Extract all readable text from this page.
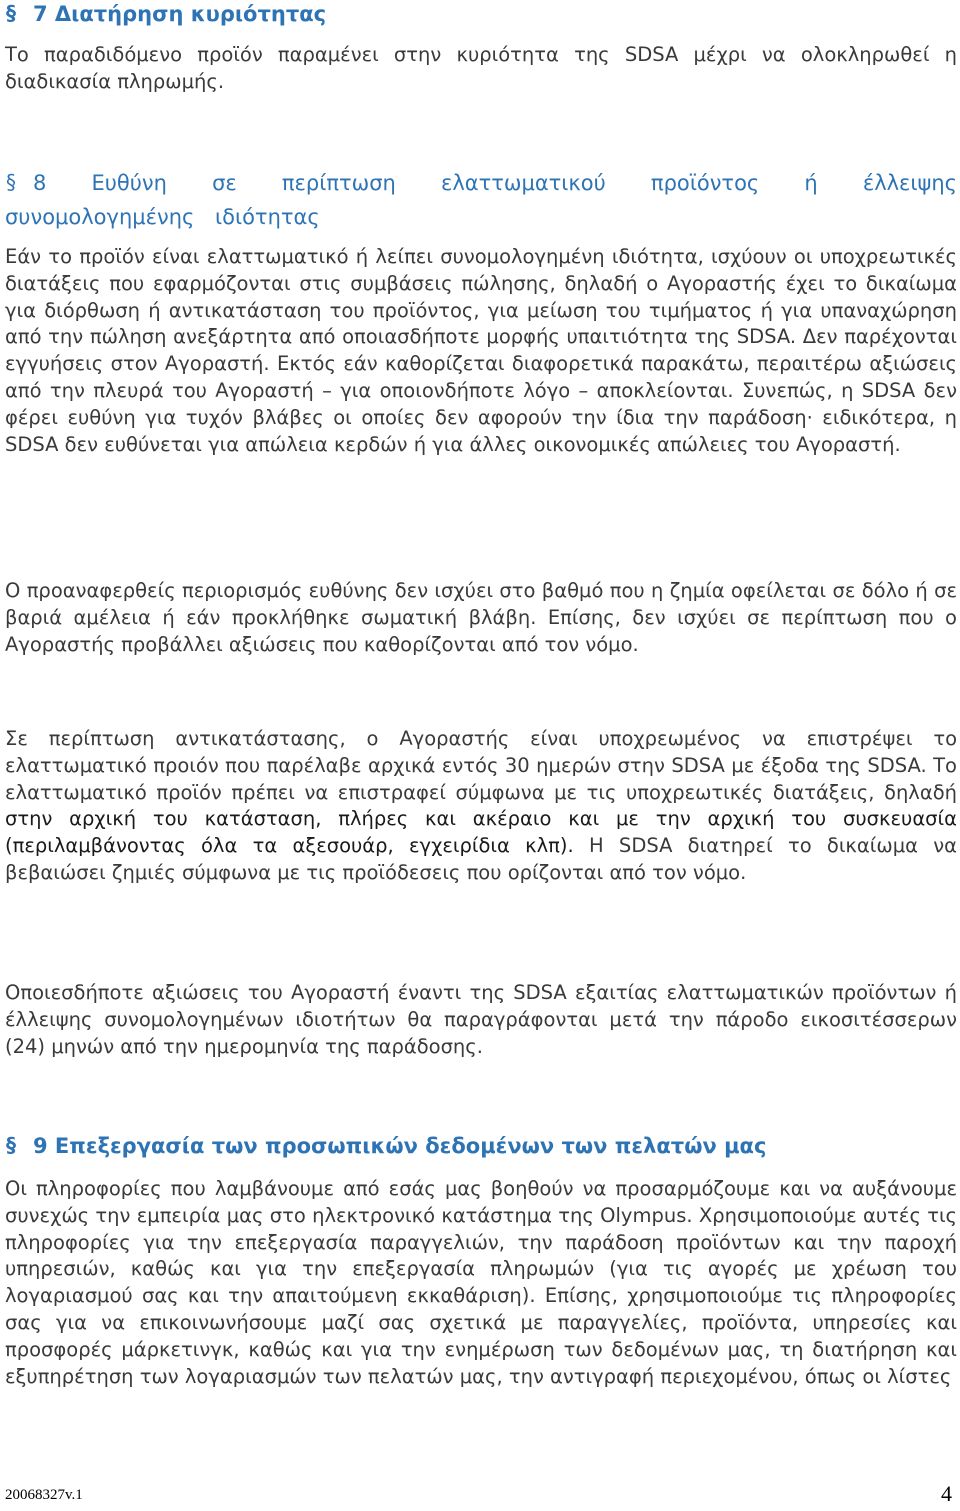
§ 7 Διατήρηση κυριότητας

Το παραδιδόμενο προϊόν παραμένει στην κυριότητα της SDSA μέχρι να ολοκληρωθεί η διαδικασία πληρωμής.

§ 8 Ευθύνη σε περίπτωση ελαττωματικού προϊόντος ή έλλειψης συνομολογημένης ιδιότητας

Εάν το προϊόν είναι ελαττωματικό ή λείπει συνομολογημένη ιδιότητα, ισχύουν οι υποχρεωτικές διατάξεις που εφαρμόζονται στις συμβάσεις πώλησης, δηλαδή ο Αγοραστής έχει το δικαίωμα για διόρθωση ή αντικατάσταση του προϊόντος, για μείωση του τιμήματος ή για υπαναχώρηση από την πώληση ανεξάρτητα από οποιασδήποτε μορφής υπαιτιότητα της SDSA. Δεν παρέχονται εγγυήσεις στον Αγοραστή. Εκτός εάν καθορίζεται διαφορετικά παρακάτω, περαιτέρω αξιώσεις από την πλευρά του Αγοραστή – για οποιονδήποτε λόγο – αποκλείονται. Συνεπώς, η SDSA δεν φέρει ευθύνη για τυχόν βλάβες οι οποίες δεν αφορούν την ίδια την παράδοση· ειδικότερα, η SDSA δεν ευθύνεται για απώλεια κερδών ή για άλλες οικονομικές απώλειες του Αγοραστή.

Ο προαναφερθείς περιορισμός ευθύνης δεν ισχύει στο βαθμό που η ζημία οφείλεται σε δόλο ή σε βαριά αμέλεια ή εάν προκλήθηκε σωματική βλάβη. Επίσης, δεν ισχύει σε περίπτωση που ο Αγοραστής προβάλλει αξιώσεις που καθορίζονται από τον νόμο.

Σε περίπτωση αντικατάστασης, ο Αγοραστής είναι υποχρεωμένος να επιστρέψει το ελαττωματικό προιόν που παρέλαβε αρχικά εντός 30 ημερών στην SDSA με έξοδα της SDSA. Το ελαττωματικό προϊόν πρέπει να επιστραφεί σύμφωνα με τις υποχρεωτικές διατάξεις, δηλαδή στην αρχική του κατάσταση, πλήρες και ακέραιο και με την αρχική του συσκευασία (περιλαμβάνοντας όλα τα αξεσουάρ, εγχειρίδια κλπ). Η SDSA διατηρεί το δικαίωμα να βεβαιώσει ζημιές σύμφωνα με τις προϊόδεσεις που ορίζονται από τον νόμο.

Οποιεσδήποτε αξιώσεις του Αγοραστή έναντι της SDSA εξαιτίας ελαττωματικών προϊόντων ή έλλειψης συνομολογημένων ιδιοτήτων θα παραγράφονται μετά την πάροδο εικοσιτέσσερων (24) μηνών από την ημερομηνία της παράδοσης.

§ 9 Επεξεργασία των προσωπικών δεδομένων των πελατών μας

Οι πληροφορίες που λαμβάνουμε από εσάς μας βοηθούν να προσαρμόζουμε και να αυξάνουμε συνεχώς την εμπειρία μας στο ηλεκτρονικό κατάστημα της Olympus. Χρησιμοποιούμε αυτές τις πληροφορίες για την επεξεργασία παραγγελιών, την παράδοση προϊόντων και την παροχή υπηρεσιών, καθώς και για την επεξεργασία πληρωμών (για τις αγορές με χρέωση του λογαριασμού σας και την απαιτούμενη εκκαθάριση). Επίσης, χρησιμοποιούμε τις πληροφορίες σας για να επικοινωνήσουμε μαζί σας σχετικά με παραγγελίες, προϊόντα, υπηρεσίες και προσφορές μάρκετινγκ, καθώς και για την ενημέρωση των δεδομένων μας, τη διατήρηση και εξυπηρέτηση των λογαριασμών των πελατών μας, την αντιγραφή περιεχομένου, όπως οι λίστες

20068327v.1	4
